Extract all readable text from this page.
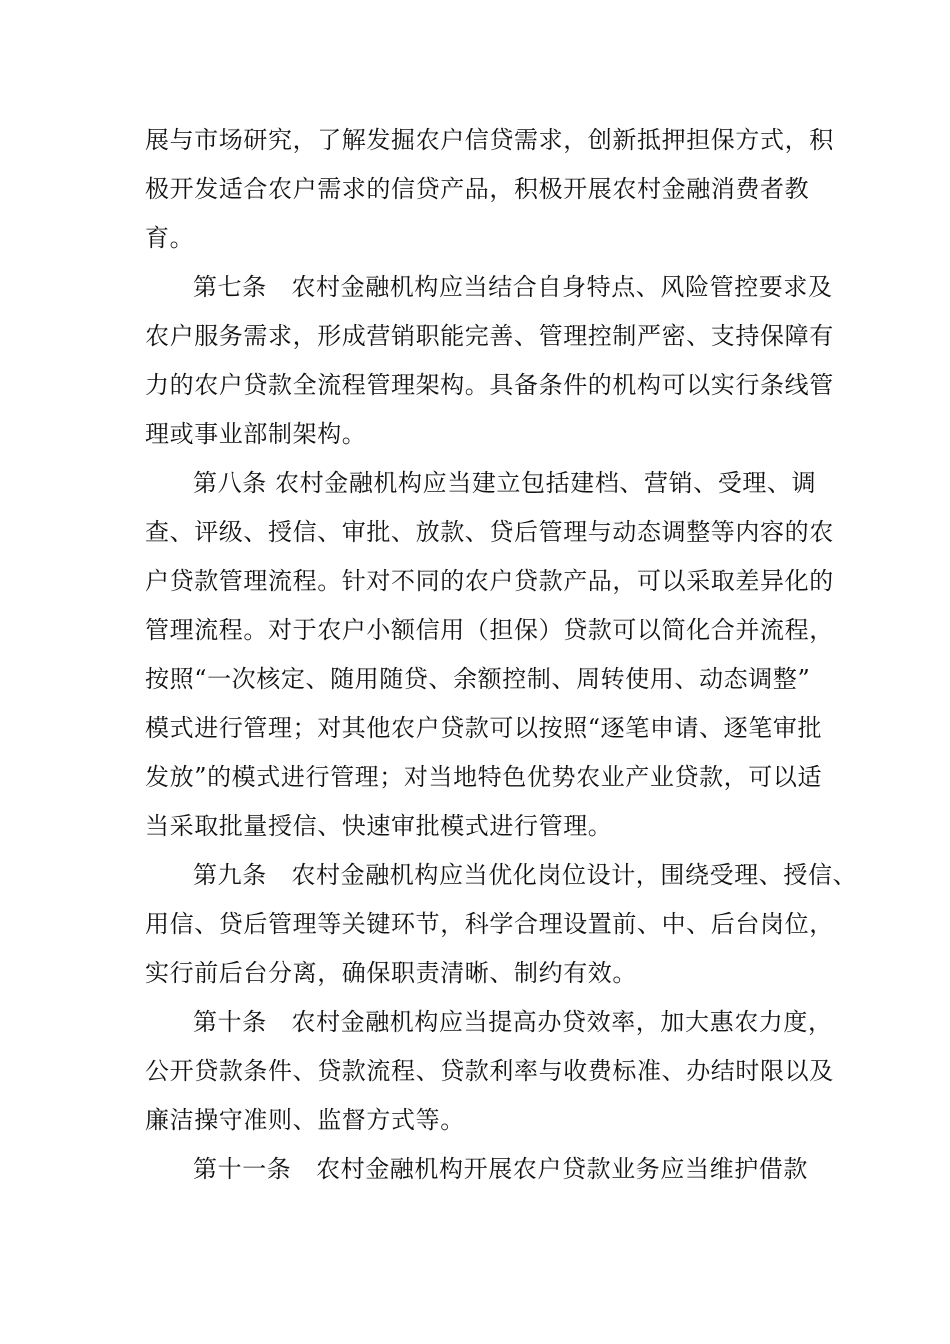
展与市场研究，了解发掘农户信贷需求，创新抵押担保方式，积
极开发适合农户需求的信贷产品，积极开展农村金融消费者教
育。
第七条　农村金融机构应当结合自身特点、风险管控要求及
农户服务需求，形成营销职能完善、管理控制严密、支持保障有
力的农户贷款全流程管理架构。具备条件的机构可以实行条线管
理或事业部制架构。
第八条 农村金融机构应当建立包括建档、营销、受理、调
查、评级、授信、审批、放款、贷后管理与动态调整等内容的农
户贷款管理流程。针对不同的农户贷款产品，可以采取差异化的
管理流程。对于农户小额信用（担保）贷款可以简化合并流程，
按照“一次核定、随用随贷、余额控制、周转使用、动态调整”
模式进行管理；对其他农户贷款可以按照“逐笔申请、逐笔审批
发放”的模式进行管理；对当地特色优势农业产业贷款，可以适
当采取批量授信、快速审批模式进行管理。
第九条　农村金融机构应当优化岗位设计，围绕受理、授信、
用信、贷后管理等关键环节，科学合理设置前、中、后台岗位，
实行前后台分离，确保职责清晰、制约有效。
第十条　农村金融机构应当提高办贷效率，加大惠农力度，
公开贷款条件、贷款流程、贷款利率与收费标准、办结时限以及
廉洁操守准则、监督方式等。
第十一条　农村金融机构开展农户贷款业务应当维护借款
